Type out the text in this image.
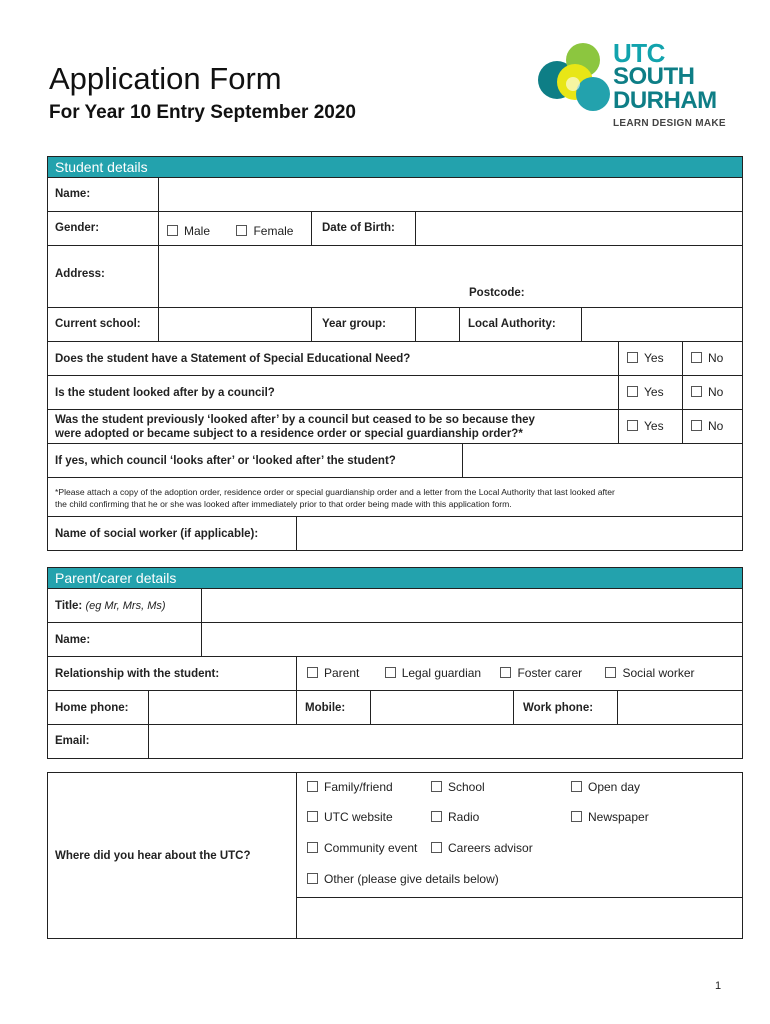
Application Form
For Year 10 Entry September 2020
UTC
SOUTH
DURHAM
LEARN DESIGN MAKE
Student details
Name:
Gender:	Male	Female	Date of Birth:
Address:
Postcode:
Current school:	Year group:	Local Authority:
Does the student have a Statement of Special Educational Need?	Yes	No
Is the student looked after by a council?	Yes	No
Was the student previously ‘looked after’ by a council but ceased to be so because they
were adopted or became subject to a residence order or special guardianship order?*
Yes	No
If yes, which council ‘looks after’ or ‘looked after’ the student?
*Please attach a copy of the adoption order, residence order or special guardianship order and a letter from the Local Authority that last looked after
the child confirming that he or she was looked after immediately prior to that order being made with this application form.
Name of social worker (if applicable):
Parent/carer details
Title: (eg Mr, Mrs, Ms)
Name:
Relationship with the student:	Parent	Legal guardian	Foster carer	Social worker
Home phone:	Mobile:	Work phone:
Email:
Where did you hear about the UTC?
Family/friend	School	Open day
UTC website	Radio	Newspaper
Community event	Careers advisor
Other (please give details below)
1
